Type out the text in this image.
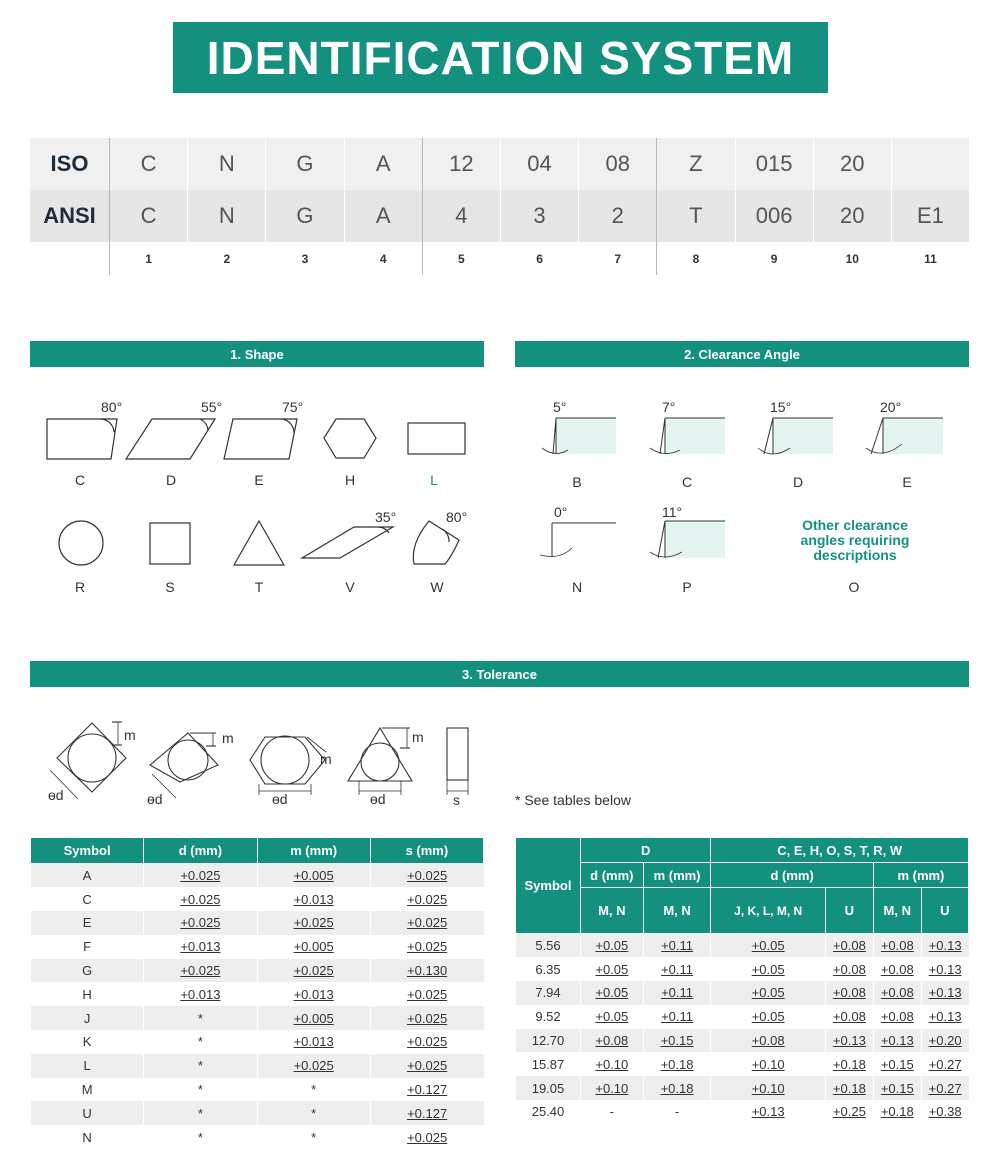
IDENTIFICATION SYSTEM
ISO	C	N	G	A	12	04	08	Z	015	20
ANSI	C	N	G	A	4	3	2	T	006	20	E1
1	2	3	4	5	6	7	8	9	10	11
1. Shape	2. Clearance Angle
3. Tolerance
80°	55°	75°
35°	80°
C	D	E	H	L
R	S	T	V	W
5°	7°	15°	20°
0°	11°
B	C	D	E
N	P	O
Other clearance angles requiring descriptions
m	m
m
m
ɵd	ɵd	ɵd	ɵd	s	* See tables below
Symbol	d (mm)	m (mm)	s (mm)
A	+0.025	+0.005	+0.025
C	+0.025	+0.013	+0.025
E	+0.025	+0.025	+0.025
F	+0.013	+0.005	+0.025
G	+0.025	+0.025	+0.130
H	+0.013	+0.013	+0.025
J	*	+0.005	+0.025
K	*	+0.013	+0.025
L	*	+0.025	+0.025
M	*	*	+0.127
U	*	*	+0.127
N	*	*	+0.025
Symbol	D		C, E, H, O, S, T, R, W			
	d (mm)	m (mm)	d (mm)		m (mm)	
	M, N	M, N	J, K, L, M, N	U	M, N	U
5.56	+0.05	+0.11	+0.05	+0.08	+0.08	+0.13
6.35	+0.05	+0.11	+0.05	+0.08	+0.08	+0.13
7.94	+0.05	+0.11	+0.05	+0.08	+0.08	+0.13
9.52	+0.05	+0.11	+0.05	+0.08	+0.08	+0.13
12.70	+0.08	+0.15	+0.08	+0.13	+0.13	+0.20
15.87	+0.10	+0.18	+0.10	+0.18	+0.15	+0.27
19.05	+0.10	+0.18	+0.10	+0.18	+0.15	+0.27
25.40	-	-	+0.13	+0.25	+0.18	+0.38
